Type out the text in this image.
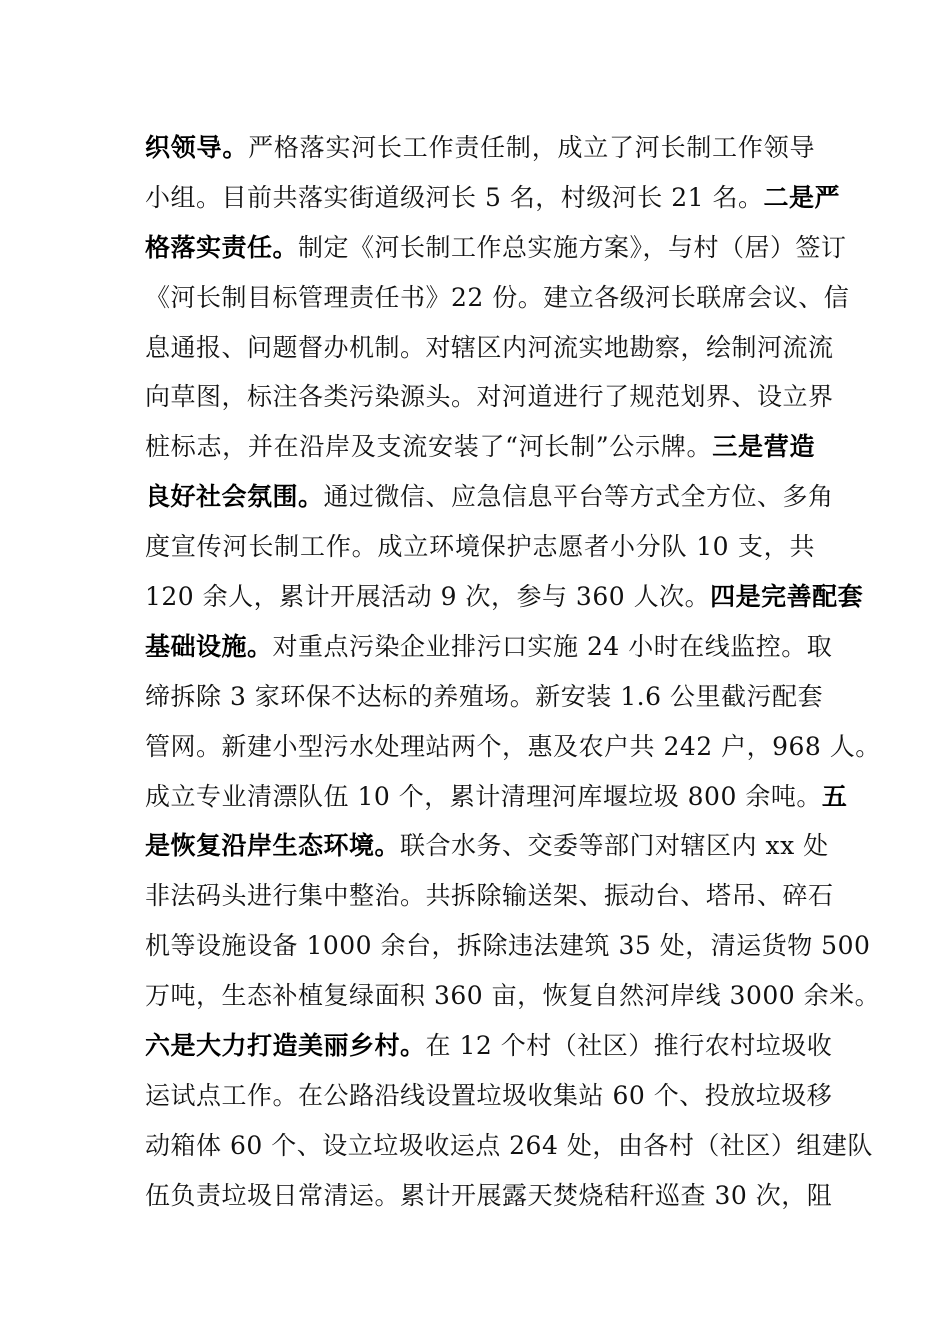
织领导。严格落实河长工作责任制，成立了河长制工作领导
小组。目前共落实街道级河长 5 名，村级河长 21 名。二是严
格落实责任。制定《河长制工作总实施方案》，与村（居）签订
《河长制目标管理责任书》22 份。建立各级河长联席会议、信
息通报、问题督办机制。对辖区内河流实地勘察，绘制河流流
向草图，标注各类污染源头。对河道进行了规范划界、设立界
桩标志，并在沿岸及支流安装了“河长制”公示牌。三是营造
良好社会氛围。通过微信、应急信息平台等方式全方位、多角
度宣传河长制工作。成立环境保护志愿者小分队 10 支，共
120 余人，累计开展活动 9 次，参与 360 人次。四是完善配套
基础设施。对重点污染企业排污口实施 24 小时在线监控。取
缔拆除 3 家环保不达标的养殖场。新安装 1.6 公里截污配套
管网。新建小型污水处理站两个，惠及农户共 242 户，968 人。
成立专业清漂队伍 10 个，累计清理河库堰垃圾 800 余吨。五
是恢复沿岸生态环境。联合水务、交委等部门对辖区内 xx 处
非法码头进行集中整治。共拆除输送架、振动台、塔吊、碎石
机等设施设备 1000 余台，拆除违法建筑 35 处，清运货物 500
万吨，生态补植复绿面积 360 亩，恢复自然河岸线 3000 余米。
六是大力打造美丽乡村。在 12 个村（社区）推行农村垃圾收
运试点工作。在公路沿线设置垃圾收集站 60 个、投放垃圾移
动箱体 60 个、设立垃圾收运点 264 处，由各村（社区）组建队
伍负责垃圾日常清运。累计开展露天焚烧秸秆巡查 30 次，阻
